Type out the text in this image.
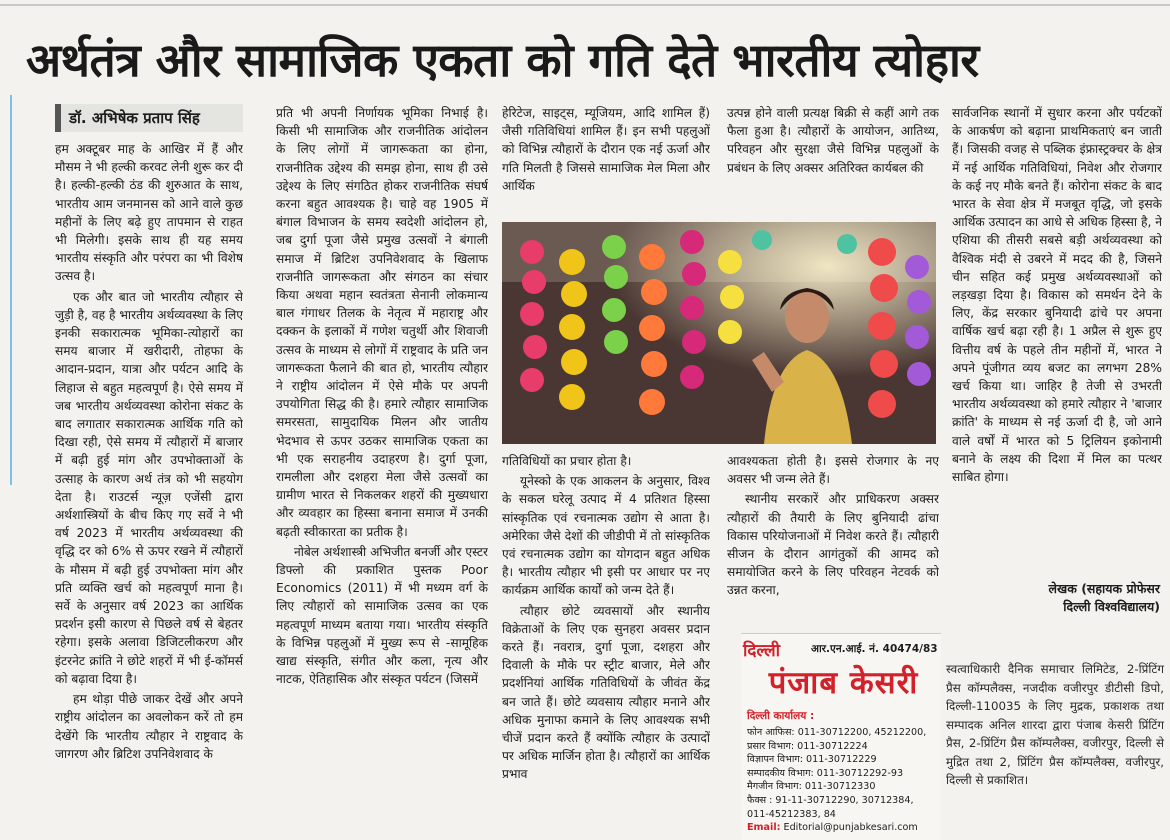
अर्थतंत्र और सामाजिक एकता को गति देते भारतीय त्योहार
डॉ. अभिषेक प्रताप सिंह

हम अक्टूबर माह के आखिर में हैं और मौसम ने भी हल्की करवट लेनी शुरू कर दी है। हल्की-हल्की ठंड की शुरुआत के साथ, भारतीय आम जनमानस को आने वाले कुछ महीनों के लिए बढ़े हुए तापमान से राहत भी मिलेगी। इसके साथ ही यह समय भारतीय संस्कृति और परंपरा का भी विशेष उत्सव है।

एक और बात जो भारतीय त्यौहार से जुड़ी है, वह है भारतीय अर्थव्यवस्था के लिए इनकी सकारात्मक भूमिका-त्योहारों का समय बाजार में खरीदारी, तोहफा के आदान-प्रदान, यात्रा और पर्यटन आदि के लिहाज से बहुत महत्वपूर्ण है। ऐसे समय में जब भारतीय अर्थव्यवस्था कोरोना संकट के बाद लगातार सकारात्मक आर्थिक गति को दिखा रही, ऐसे समय में त्यौहारों में बाजार में बढ़ी हुई मांग और उपभोक्ताओं के उत्साह के कारण अर्थ तंत्र को भी सहयोग देता है। राउटर्स न्यूज़ एजेंसी द्वारा अर्थशास्त्रियों के बीच किए गए सर्वे ने भी वर्ष 2023 में भारतीय अर्थव्यवस्था की वृद्धि दर को 6% से ऊपर रखने में त्यौहारों के मौसम में बढ़ी हुई उपभोक्ता मांग और प्रति व्यक्ति खर्च को महत्वपूर्ण माना है। सर्वे के अनुसार वर्ष 2023 का आर्थिक प्रदर्शन इसी कारण से पिछले वर्ष से बेहतर रहेगा। इसके अलावा डिजिटलीकरण और इंटरनेट क्रांति ने छोटे शहरों में भी ई-कॉमर्स को बढ़ावा दिया है।

हम थोड़ा पीछे जाकर देखें और अपने राष्ट्रीय आंदोलन का अवलोकन करें तो हम देखेंगे कि भारतीय त्यौहार ने राष्ट्रवाद के जागरण और ब्रिटिश उपनिवेशवाद के

प्रति भी अपनी निर्णायक भूमिका निभाई है। किसी भी सामाजिक और राजनीतिक आंदोलन के लिए लोगों में जागरूकता का होना, राजनीतिक उद्देश्य की समझ होना, साथ ही उसे उद्देश्य के लिए संगठित होकर राजनीतिक संघर्ष करना बहुत आवश्यक है। चाहे वह 1905 में बंगाल विभाजन के समय स्वदेशी आंदोलन हो, जब दुर्गा पूजा जैसे प्रमुख उत्सवों ने बंगाली समाज में ब्रिटिश उपनिवेशवाद के खिलाफ राजनीति जागरूकता और संगठन का संचार किया अथवा महान स्वतंत्रता सेनानी लोकमान्य बाल गंगाधर तिलक के नेतृत्व में महाराष्ट्र और दक्कन के इलाकों में गणेश चतुर्थी और शिवाजी उत्सव के माध्यम से लोगों में राष्ट्रवाद के प्रति जन जागरूकता फैलाने की बात हो, भारतीय त्यौहार ने राष्ट्रीय आंदोलन में ऐसे मौके पर अपनी उपयोगिता सिद्ध की है। हमारे त्यौहार सामाजिक समरसता, सामुदायिक मिलन और जातीय भेदभाव से ऊपर उठकर सामाजिक एकता का भी एक सराहनीय उदाहरण है। दुर्गा पूजा, रामलीला और दशहरा मेला जैसे उत्सवों का ग्रामीण भारत से निकलकर शहरों की मुख्यधारा और व्यवहार का हिस्सा बनाना समाज में उनकी बढ़ती स्वीकारता का प्रतीक है।

नोबेल अर्थशास्त्री अभिजीत बनर्जी और एस्टर डिफ्लो की प्रकाशित पुस्तक Poor Economics (2011) में भी मध्यम वर्ग के लिए त्यौहारों को सामाजिक उत्सव का एक महत्वपूर्ण माध्यम बताया गया। भारतीय संस्कृति के विभिन्न पहलुओं में मुख्य रूप से -सामूहिक खाद्य संस्कृति, संगीत और कला, नृत्य और नाटक, ऐतिहासिक और संस्कृत पर्यटन (जिसमें

हेरिटेज, साइट्स, म्यूजियम, आदि शामिल हैं) जैसी गतिविधियां शामिल हैं। इन सभी पहलुओं को विभिन्न त्यौहारों के दौरान एक नई ऊर्जा और गति मिलती है जिससे सामाजिक मेल मिला और आर्थिक

उत्पन्न होने वाली प्रत्यक्ष बिक्री से कहीं आगे तक फैला हुआ है। त्यौहारों के आयोजन, आतिथ्य, परिवहन और सुरक्षा जैसे विभिन्न पहलुओं के प्रबंधन के लिए अक्सर अतिरिक्त कार्यबल की

गतिविधियों का प्रचार होता है।

यूनेस्को के एक आकलन के अनुसार, विश्व के सकल घरेलू उत्पाद में 4 प्रतिशत हिस्सा सांस्कृतिक एवं रचनात्मक उद्योग से आता है। अमेरिका जैसे देशों की जीडीपी में तो सांस्कृतिक एवं रचनात्मक उद्योग का योगदान बहुत अधिक है। भारतीय त्यौहार भी इसी पर आधार पर नए कार्यक्रम आर्थिक कार्यों को जन्म देते हैं।

त्यौहार छोटे व्यवसायों और स्थानीय विक्रेताओं के लिए एक सुनहरा अवसर प्रदान करते हैं। नवरात्र, दुर्गा पूजा, दशहरा और दिवाली के मौके पर स्ट्रीट बाजार, मेले और प्रदर्शनियां आर्थिक गतिविधियों के जीवंत केंद्र बन जाते हैं। छोटे व्यवसाय त्यौहार मनाने और अधिक मुनाफा कमाने के लिए आवश्यक सभी चीजें प्रदान करते हैं क्योंकि त्यौहार के उत्पादों पर अधिक मार्जिन होता है। त्यौहारों का आर्थिक प्रभाव

आवश्यकता होती है। इससे रोजगार के नए अवसर भी जन्म लेते हैं।

स्थानीय सरकारें और प्राधिकरण अक्सर त्यौहारों की तैयारी के लिए बुनियादी ढांचा विकास परियोजनाओं में निवेश करते हैं। त्यौहारी सीजन के दौरान आगंतुकों की आमद को समायोजित करने के लिए परिवहन नेटवर्क को उन्नत करना,

सार्वजनिक स्थानों में सुधार करना और पर्यटकों के आकर्षण को बढ़ाना प्राथमिकताएं बन जाती हैं। जिसकी वजह से पब्लिक इंफ्रास्ट्रक्चर के क्षेत्र में नई आर्थिक गतिविधियां, निवेश और रोजगार के कई नए मौके बनते हैं। कोरोना संकट के बाद भारत के सेवा क्षेत्र में मजबूत वृद्धि, जो इसके आर्थिक उत्पादन का आधे से अधिक हिस्सा है, ने एशिया की तीसरी सबसे बड़ी अर्थव्यवस्था को वैश्विक मंदी से उबरने में मदद की है, जिसने चीन सहित कई प्रमुख अर्थव्यवस्थाओं को लड़खड़ा दिया है। विकास को समर्थन देने के लिए, केंद्र सरकार बुनियादी ढांचे पर अपना वार्षिक खर्च बढ़ा रही है। 1 अप्रैल से शुरू हुए वित्तीय वर्ष के पहले तीन महीनों में, भारत ने अपने पूंजीगत व्यय बजट का लगभग 28% खर्च किया था। जाहिर है तेजी से उभरती भारतीय अर्थव्यवस्था को हमारे त्यौहार ने 'बाजार क्रांति' के माध्यम से नई ऊर्जा दी है, जो आने वाले वर्षों में भारत को 5 ट्रिलियन इकोनामी बनाने के लक्ष्य की दिशा में मिल का पत्थर साबित होगा।

लेखक (सहायक प्रोफेसर
दिल्ली विश्वविद्यालय)
दिल्ली	आर.एन.आई. नं. 40474/83
पंजाब केसरी
दिल्ली कार्यालय :
फोन आफिस: 011-30712200, 45212200,
प्रसार विभाग: 011-30712224
विज्ञापन विभाग: 011-30712229
सम्पादकीय विभाग: 011-30712292-93
मैगजीन विभाग: 011-30712330
फैक्स : 91-11-30712290, 30712384,
011-45212383, 84
Email: Editorial@punjabkesari.com
स्वत्वाधिकारी दैनिक समाचार लिमिटेड, 2-प्रिंटिंग प्रैस कॉम्पलैक्स, नजदीक वजीरपुर डीटीसी डिपो, दिल्ली-110035 के लिए मुद्रक, प्रकाशक तथा सम्पादक अनिल शारदा द्वारा पंजाब केसरी प्रिंटिंग प्रैस, 2-प्रिंटिंग प्रैस कॉम्पलैक्स, वजीरपुर, दिल्ली से मुद्रित तथा 2, प्रिंटिंग प्रैस कॉम्पलैक्स, वजीरपुर, दिल्ली से प्रकाशित।
